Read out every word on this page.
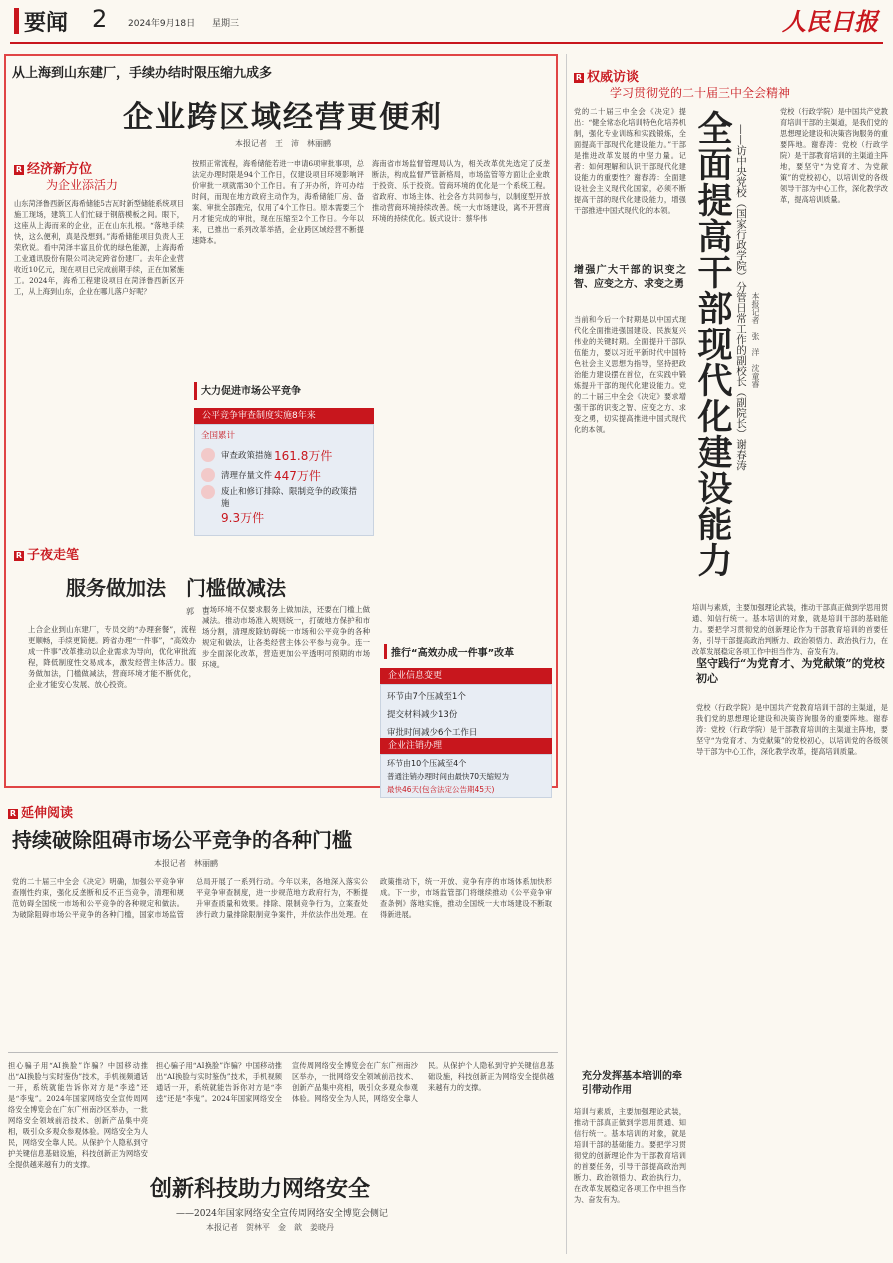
要闻 2 2024年9月18日 星期三	人民日报
从上海到山东建厂，手续办结时限压缩九成多
企业跨区域经营更便利
本报记者　王　沛　林丽鹂
R 经济新方位
为企业添活力
山东菏泽鲁西新区海希储能5吉瓦时新型储能系统项目施工现场，建筑工人们忙碌于钢筋模板之间。眼下，这座从上海而来的企业，正在山东扎根。“落地手续快，这么便利，真是没想到。”海希储能项目负责人王荣欣说。看中菏泽丰富且价优的绿色能源，上海海希工业通讯股份有限公司决定跨省份建厂。去年企业营收近10亿元，现在项目已完成前期手续，正在加紧施工。2024年，海希工程建设项目在菏泽鲁西新区开工，从上海到山东，企业在哪儿落户好呢？
按照正常流程，海希储能若进一申请6项审批事项，总法定办理时限是94个工作日，仅建设项目环境影响评价审批一项就需30个工作日。有了开办所，许可办结时间，而现在地方政府主动作为，海希储能厂房、备案、审批全部跑完，仅用了4个工作日。原本需要三个月才能完成的审批，现在压缩至2个工作日。今年以来，已推出一系列改革举措，企业跨区域经营不断提速降本。
海南省市场监督管理局认为，相关改革优先选定了反垄断法，构成监督严管新格局，市场监管等方面让企业敢于投资、乐于投资。管商环境的优化是一个系统工程。省政府、市场主体、社会各方共同参与，以制度型开放推动营商环境持续改善。统一大市场建设，离不开营商环境的持续优化。版式设计：蔡华伟
大力促进市场公平竞争
公平竞争审查制度实施8年来
全国累计
审查政策措施 161.8万件
清理存量文件 447万件
废止和修订排除、限制竞争的政策措施
9.3万件
R 子夜走笔
服务做加法　门槛做减法
郭　言
上合企业到山东建厂，专员交的“办理套餐”，流程更顺畅，手续更简便。跨省办理“一件事”，“高效办成一件事”改革推动以企业需求为导向，优化审批流程，降低制度性交易成本，激发经营主体活力。服务做加法，门槛做减法，营商环境才能不断优化，企业才能安心发展、放心投资。
市场环境不仅要求服务上做加法，还要在门槛上做减法。推动市场准入规则统一，打破地方保护和市场分割，清理废除妨碍统一市场和公平竞争的各种规定和做法，让各类经营主体公平参与竞争。连一步全面深化改革，营造更加公平透明可预期的市场环境。
企业信息变更
环节由7个压减至1个
提交材料减少13份
审批时间减少6个工作日
推行“高效办成一件事”改革
企业注销办理
环节由10个压减至4个
普通注销办理时间由最快70天缩短为
最快46天(包含法定公告期45天)
R 延伸阅读
持续破除阻碍市场公平竞争的各种门槛
本报记者　林丽鹂
党的二十届三中全会《决定》明确，加强公平竞争审查刚性约束，强化反垄断和反不正当竞争，清理和规范妨碍全国统一市场和公平竞争的各种规定和做法。为破除阻碍市场公平竞争的各种门槛，国家市场监管总局开展了一系列行动。今年以来，各地深入落实公平竞争审查制度，进一步规范地方政府行为，不断提升审查质量和效果。排除、限制竞争行为，立案查处涉行政力量排除限制竞争案件，并依法作出处理。在政策推动下，统一开放、竞争有序的市场体系加快形成。下一步，市场监管部门将继续推动《公平竞争审查条例》落地实施，推动全国统一大市场建设不断取得新进展。
创新科技助力网络安全
——2024年国家网络安全宣传周网络安全博览会侧记
本报记者　贺林平　金　歆　姜晓丹
担心骗子用“AI换脸”诈骗？中国移动推出“AI换脸与实时鉴伪”技术，手机视频通话一开，系统就能告诉你对方是“李逵”还是“李鬼”。2024年国家网络安全宣传周网络安全博览会在广东广州南沙区举办，一批网络安全领域前沿技术、创新产品集中亮相，吸引众多观众参观体验。网络安全为人民，网络安全靠人民。从保护个人隐私到守护关键信息基础设施，科技创新正为网络安全提供越来越有力的支撑。
担心骗子用“AI换脸”诈骗？中国移动推出“AI换脸与实时鉴伪”技术，手机视频通话一开，系统就能告诉你对方是“李逵”还是“李鬼”。2024年国家网络安全宣传周网络安全博览会在广东广州南沙区举办，一批网络安全领域前沿技术、创新产品集中亮相，吸引众多观众参观体验。网络安全为人民，网络安全靠人民。从保护个人隐私到守护关键信息基础设施，科技创新正为网络安全提供越来越有力的支撑。
R 权威访谈
学习贯彻党的二十届三中全会精神
党的二十届三中全会《决定》提出：“健全常态化培训特色化培养机制，强化专业训练和实践锻炼，全面提高干部现代化建设能力。”干部是推进改革发展的中坚力量。记者：如何理解和认识干部现代化建设能力的重要性？谢春涛：全面建设社会主义现代化国家，必须不断提高干部的现代化建设能力，增强干部推进中国式现代化的本领。 全面提高干部现代化建设能力 ——访中央党校（国家行政学院）分管日常工作的副校长（副院长）谢春涛 本报记者　张　洋　沈童睿
增强广大干部的识变之智、应变之方、求变之勇
当前和今后一个时期是以中国式现代化全面推进强国建设、民族复兴伟业的关键时期。全面提升干部队伍能力，要以习近平新时代中国特色社会主义思想为指导，坚持把政治能力建设摆在首位，在实践中锻炼提升干部的现代化建设能力。党的二十届三中全会《决定》要求增强干部的识变之智、应变之方、求变之勇，切实提高推进中国式现代化的本领。
党校（行政学院）是中国共产党教育培训干部的主渠道，是我们党的思想理论建设和决策咨询服务的重要阵地。谢春涛：党校（行政学院）是干部教育培训的主渠道主阵地，要坚守“为党育才、为党献策”的党校初心，以培训党的各级领导干部为中心工作，深化教学改革，提高培训质量。
培训与素质，主要加强理论武装，推动干部真正做到学思用贯通、知信行统一。基本培训的对象，就是培训干部的基础能力。要把学习贯彻党的创新理论作为干部教育培训的首要任务，引导干部提高政治判断力、政治领悟力、政治执行力，在改革发展稳定各项工作中担当作为、奋发有为。
坚守践行“为党育才、为党献策”的党校初心
党校（行政学院）是中国共产党教育培训干部的主渠道，是我们党的思想理论建设和决策咨询服务的重要阵地。谢春涛：党校（行政学院）是干部教育培训的主渠道主阵地，要坚守“为党育才、为党献策”的党校初心，以培训党的各级领导干部为中心工作，深化教学改革，提高培训质量。
充分发挥基本培训的牵引带动作用
培训与素质，主要加强理论武装，推动干部真正做到学思用贯通、知信行统一。基本培训的对象，就是培训干部的基础能力。要把学习贯彻党的创新理论作为干部教育培训的首要任务，引导干部提高政治判断力、政治领悟力、政治执行力，在改革发展稳定各项工作中担当作为、奋发有为。
